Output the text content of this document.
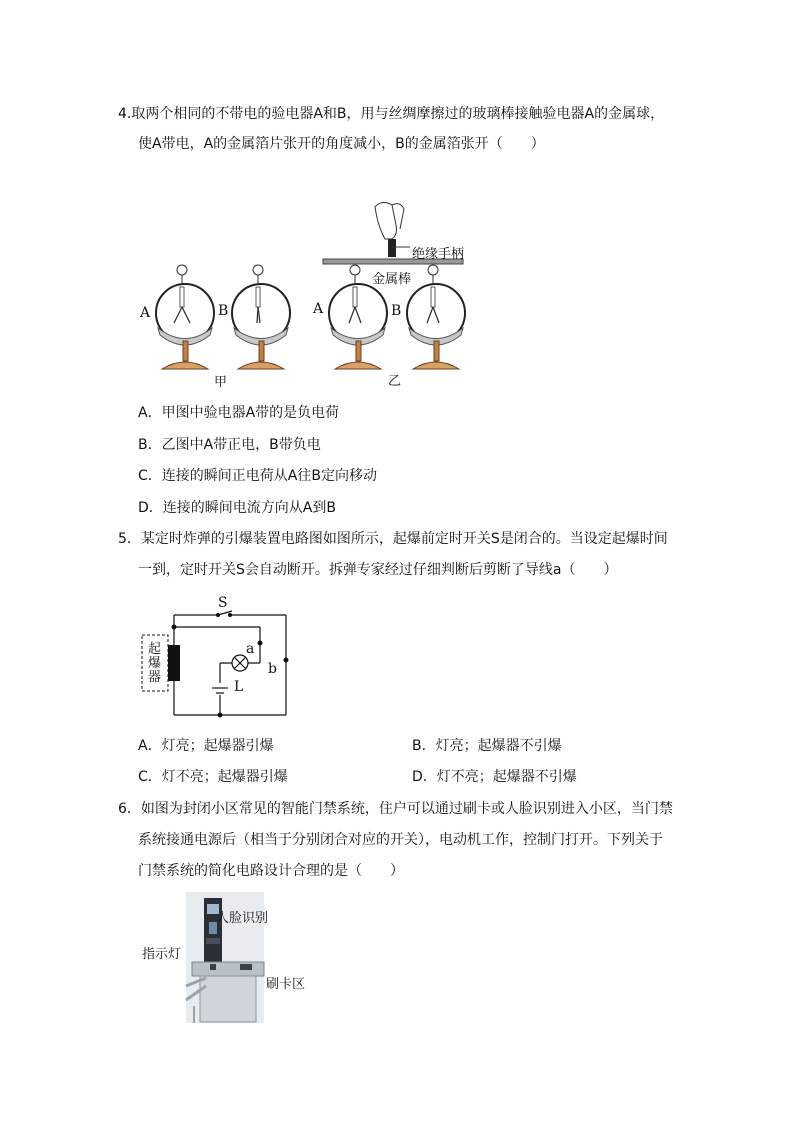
4.取两个相同的不带电的验电器A和B，用与丝绸摩擦过的玻璃棒接触验电器A的金属球，
使A带电，A的金属箔片张开的角度减小，B的金属箔张开（　　）
A	B
甲
绝缘手柄
金属棒
A	B
乙
A．甲图中验电器A带的是负电荷
B．乙图中A带正电，B带负电
C．连接的瞬间正电荷从A往B定向移动
D．连接的瞬间电流方向从A到B
5．某定时炸弹的引爆装置电路图如图所示，起爆前定时开关S是闭合的。当设定起爆时间
一到，定时开关S会自动断开。拆弹专家经过仔细判断后剪断了导线a（　　）
起
爆
器
S
a
b
L
A．灯亮；起爆器引爆	B．灯亮；起爆器不引爆
C．灯不亮；起爆器引爆	D．灯不亮；起爆器不引爆
6．如图为封闭小区常见的智能门禁系统，住户可以通过刷卡或人脸识别进入小区，当门禁
系统接通电源后（相当于分别闭合对应的开关），电动机工作，控制门打开。下列关于
门禁系统的简化电路设计合理的是（　　）
人脸识别
指示灯
刷卡区
